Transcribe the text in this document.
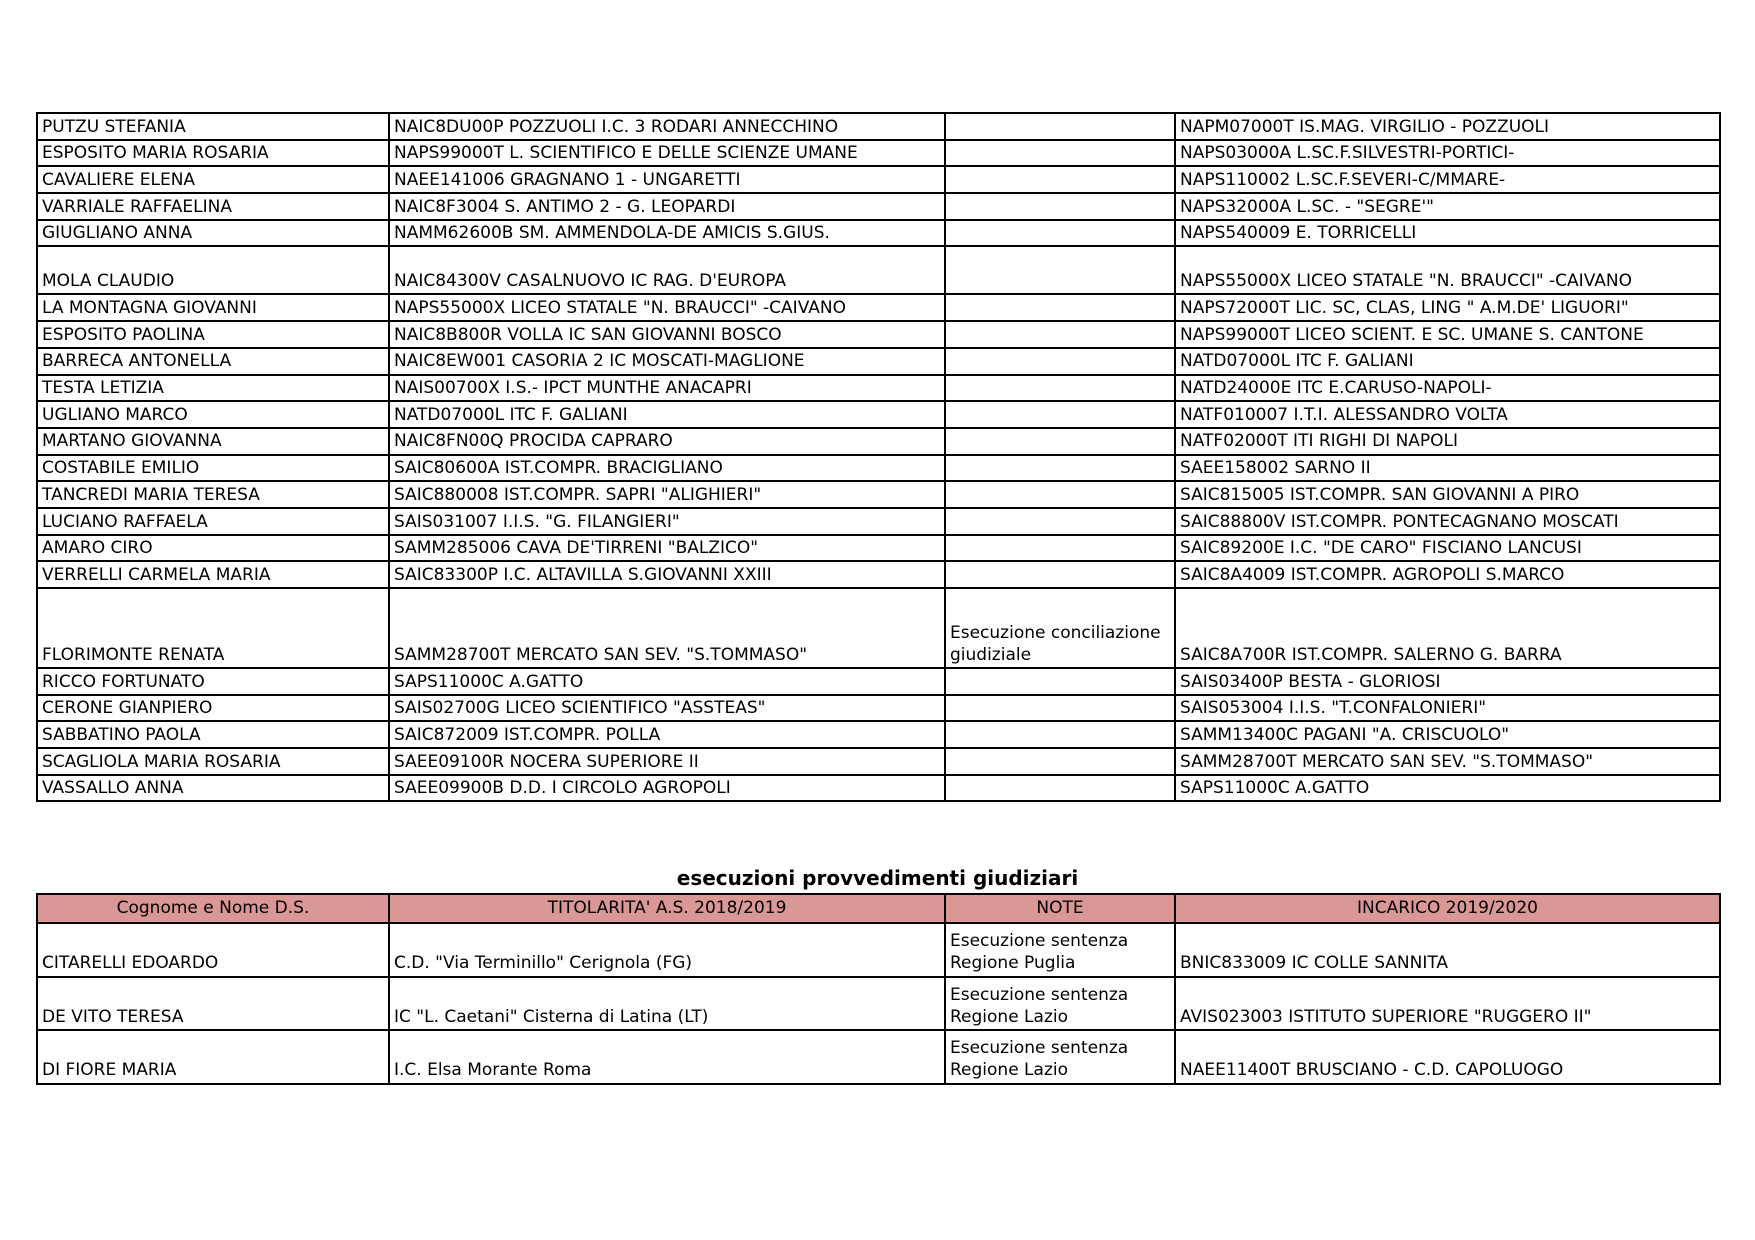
PUTZU STEFANIA	NAIC8DU00P POZZUOLI I.C. 3 RODARI ANNECCHINO		NAPM07000T IS.MAG. VIRGILIO - POZZUOLI
ESPOSITO MARIA ROSARIA	NAPS99000T L. SCIENTIFICO E DELLE SCIENZE UMANE		NAPS03000A L.SC.F.SILVESTRI-PORTICI-
CAVALIERE ELENA	NAEE141006 GRAGNANO 1 - UNGARETTI		NAPS110002 L.SC.F.SEVERI-C/MMARE-
VARRIALE RAFFAELINA	NAIC8F3004 S. ANTIMO 2 - G. LEOPARDI		NAPS32000A L.SC. - "SEGRE'"
GIUGLIANO ANNA	NAMM62600B SM. AMMENDOLA-DE AMICIS S.GIUS.		NAPS540009 E. TORRICELLI
MOLA CLAUDIO	NAIC84300V CASALNUOVO IC RAG. D'EUROPA		NAPS55000X LICEO STATALE "N. BRAUCCI" -CAIVANO
LA MONTAGNA GIOVANNI	NAPS55000X LICEO STATALE "N. BRAUCCI" -CAIVANO		NAPS72000T LIC. SC, CLAS, LING " A.M.DE' LIGUORI"
ESPOSITO PAOLINA	NAIC8B800R VOLLA IC SAN GIOVANNI BOSCO		NAPS99000T LICEO SCIENT. E SC. UMANE S. CANTONE
BARRECA ANTONELLA	NAIC8EW001 CASORIA 2 IC MOSCATI-MAGLIONE		NATD07000L ITC F. GALIANI
TESTA LETIZIA	NAIS00700X I.S.- IPCT MUNTHE ANACAPRI		NATD24000E ITC E.CARUSO-NAPOLI-
UGLIANO MARCO	NATD07000L ITC F. GALIANI		NATF010007 I.T.I. ALESSANDRO VOLTA
MARTANO GIOVANNA	NAIC8FN00Q PROCIDA CAPRARO		NATF02000T ITI RIGHI DI NAPOLI
COSTABILE EMILIO	SAIC80600A IST.COMPR. BRACIGLIANO		SAEE158002 SARNO II
TANCREDI MARIA TERESA	SAIC880008 IST.COMPR. SAPRI "ALIGHIERI"		SAIC815005 IST.COMPR. SAN GIOVANNI A PIRO
LUCIANO RAFFAELA	SAIS031007 I.I.S. "G. FILANGIERI"		SAIC88800V IST.COMPR. PONTECAGNANO MOSCATI
AMARO CIRO	SAMM285006 CAVA DE'TIRRENI "BALZICO"		SAIC89200E I.C. "DE CARO" FISCIANO LANCUSI
VERRELLI CARMELA MARIA	SAIC83300P I.C. ALTAVILLA S.GIOVANNI XXIII		SAIC8A4009 IST.COMPR. AGROPOLI S.MARCO
FLORIMONTE RENATA	SAMM28700T MERCATO SAN SEV. "S.TOMMASO"	Esecuzione conciliazione giudiziale	SAIC8A700R IST.COMPR. SALERNO G. BARRA
RICCO FORTUNATO	SAPS11000C A.GATTO		SAIS03400P BESTA - GLORIOSI
CERONE GIANPIERO	SAIS02700G LICEO SCIENTIFICO "ASSTEAS"		SAIS053004 I.I.S. "T.CONFALONIERI"
SABBATINO PAOLA	SAIC872009 IST.COMPR. POLLA		SAMM13400C PAGANI "A. CRISCUOLO"
SCAGLIOLA MARIA ROSARIA	SAEE09100R NOCERA SUPERIORE II		SAMM28700T MERCATO SAN SEV. "S.TOMMASO"
VASSALLO ANNA	SAEE09900B D.D. I CIRCOLO AGROPOLI		SAPS11000C A.GATTO
esecuzioni provvedimenti giudiziari
Cognome e Nome D.S.	TITOLARITA' A.S. 2018/2019	NOTE	INCARICO 2019/2020
CITARELLI EDOARDO	C.D. "Via Terminillo" Cerignola (FG)	Esecuzione sentenza Regione Puglia	BNIC833009 IC COLLE SANNITA
DE VITO TERESA	IC "L. Caetani" Cisterna di Latina (LT)	Esecuzione sentenza Regione Lazio	AVIS023003 ISTITUTO SUPERIORE "RUGGERO II"
DI FIORE MARIA	I.C. Elsa Morante Roma	Esecuzione sentenza Regione Lazio	NAEE11400T BRUSCIANO - C.D. CAPOLUOGO
